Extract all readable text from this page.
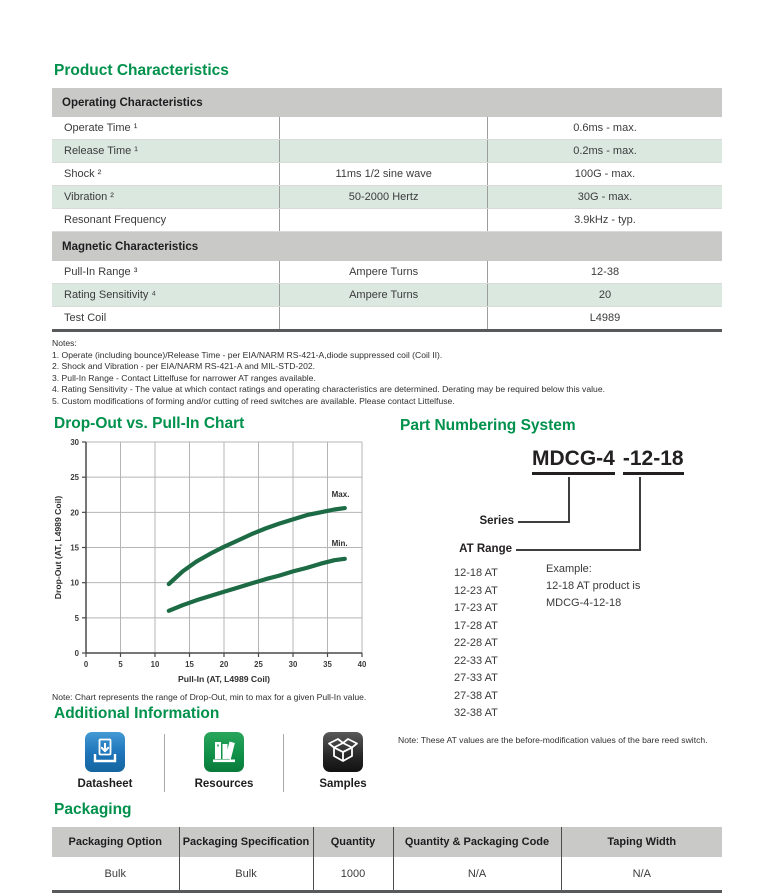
Product Characteristics
Operating Characteristics		
Operate Time ¹		0.6ms - max.
Release Time ¹		0.2ms - max.
Shock ²	11ms 1/2 sine wave	100G - max.
Vibration ²	50-2000 Hertz	30G - max.
Resonant Frequency		3.9kHz - typ.
Magnetic Characteristics		
Pull-In Range ³	Ampere Turns	12-38
Rating Sensitivity ⁴	Ampere Turns	20
Test Coil		L4989
Notes:
1. Operate (including bounce)/Release Time - per EIA/NARM RS-421-A,diode suppressed coil (Coil II).
2. Shock and Vibration - per EIA/NARM RS-421-A and MIL-STD-202.
3. Pull-In Range - Contact Littelfuse for narrower AT ranges available.
4. Rating Sensitivity - The value at which contact ratings and operating characteristics are determined. Derating may be required below this value.
5. Custom modifications of forming and/or cutting of reed switches are available. Please contact Littelfuse.
Drop-Out vs. Pull-In Chart
0	5	10	15	20	25	30	35	40
0
5
10
15
20
25
30
Pull-In (AT, L4989 Coil)
Drop-Out (AT, L4989 Coil)
Max.
Min.
Note: Chart represents the range of Drop-Out, min to max for a given Pull-In value.
Part Numbering System
MDCG-4 -12-18
Series
AT Range
12-18 AT
12-23 AT
17-23 AT
17-28 AT
22-28 AT
22-33 AT
27-33 AT
27-38 AT
32-38 AT
Example:
12-18 AT product is
MDCG-4-12-18
Note: These AT values are the before-modification values of the bare reed switch.
Additional Information
Datasheet	Resources	Samples
Packaging
Packaging Option	Packaging Specification	Quantity	Quantity & Packaging Code	Taping Width
Bulk	Bulk	1000	N/A	N/A
